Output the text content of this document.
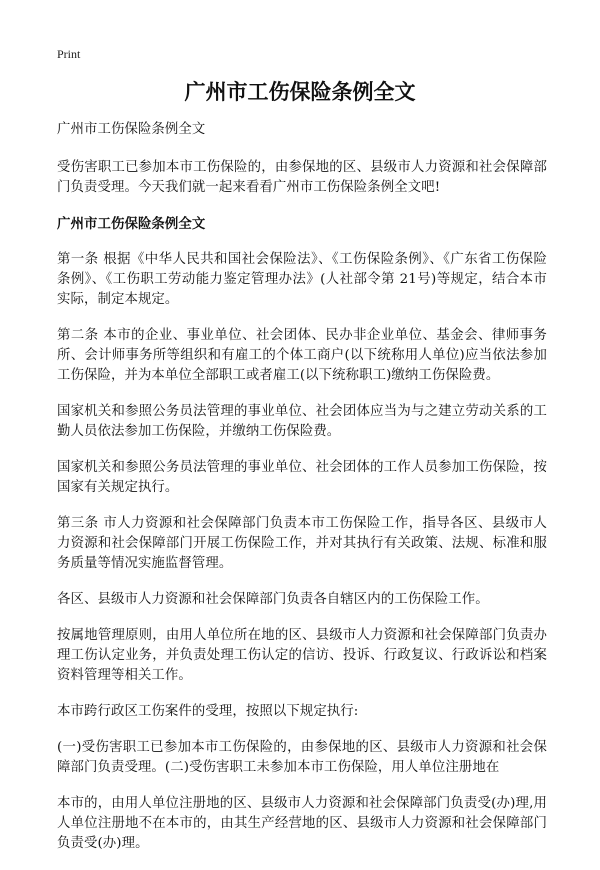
Print
广州市工伤保险条例全文

广州市工伤保险条例全文

受伤害职工已参加本市工伤保险的，由参保地的区、县级市人力资源和社会保障部门负责受理。今天我们就一起来看看广州市工伤保险条例全文吧!

广州市工伤保险条例全文

第一条 根据《中华人民共和国社会保险法》、《工伤保险条例》、《广东省工伤保险条例》、《工伤职工劳动能力鉴定管理办法》(人社部令第 21号)等规定，结合本市实际，制定本规定。

第二条 本市的企业、事业单位、社会团体、民办非企业单位、基金会、律师事务所、会计师事务所等组织和有雇工的个体工商户(以下统称用人单位)应当依法参加工伤保险，并为本单位全部职工或者雇工(以下统称职工)缴纳工伤保险费。

国家机关和参照公务员法管理的事业单位、社会团体应当为与之建立劳动关系的工勤人员依法参加工伤保险，并缴纳工伤保险费。

国家机关和参照公务员法管理的事业单位、社会团体的工作人员参加工伤保险，按国家有关规定执行。

第三条 市人力资源和社会保障部门负责本市工伤保险工作，指导各区、县级市人力资源和社会保障部门开展工伤保险工作，并对其执行有关政策、法规、标准和服务质量等情况实施监督管理。

各区、县级市人力资源和社会保障部门负责各自辖区内的工伤保险工作。

按属地管理原则，由用人单位所在地的区、县级市人力资源和社会保障部门负责办理工伤认定业务，并负责处理工伤认定的信访、投诉、行政复议、行政诉讼和档案资料管理等相关工作。

本市跨行政区工伤案件的受理，按照以下规定执行:

(一)受伤害职工已参加本市工伤保险的，由参保地的区、县级市人力资源和社会保障部门负责受理。(二)受伤害职工未参加本市工伤保险，用人单位注册地在

本市的，由用人单位注册地的区、县级市人力资源和社会保障部门负责受(办)理,用人单位注册地不在本市的，由其生产经营地的区、县级市人力资源和社会保障部门负责受(办)理。
